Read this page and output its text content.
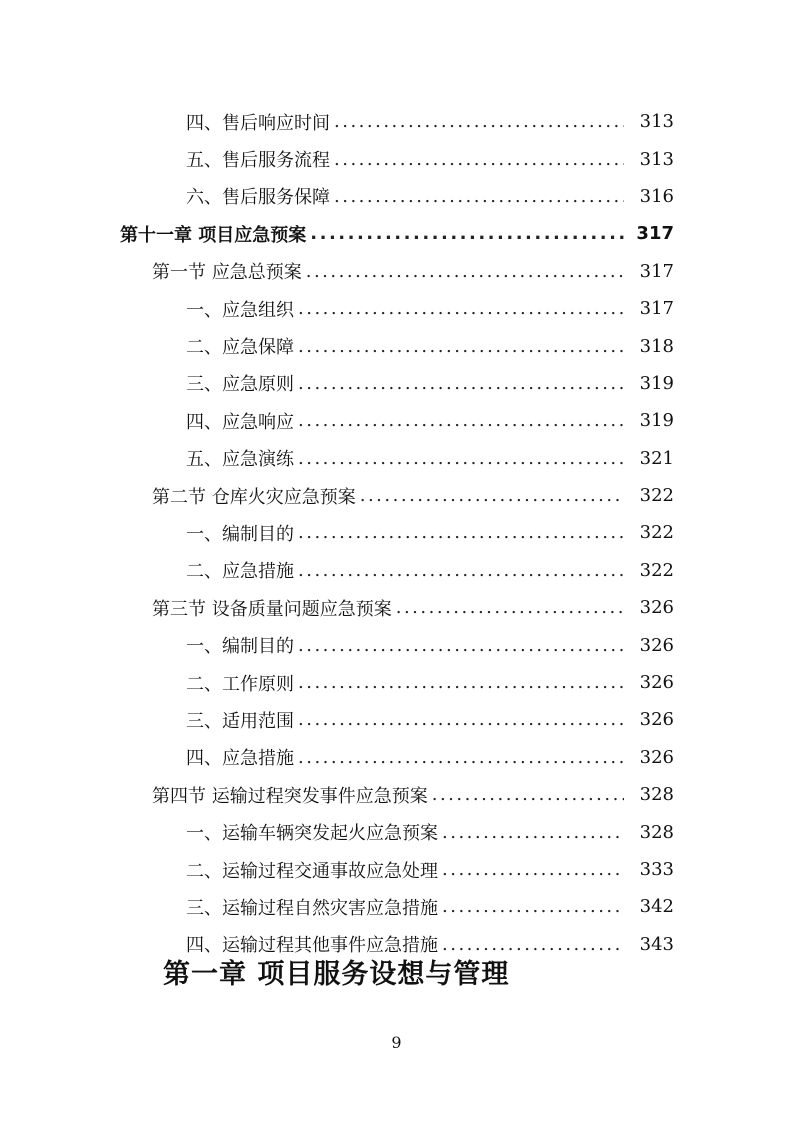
四、售后响应时间 .....	313
五、售后服务流程 .....	313
六、售后服务保障 .....	316
第十一章 项目应急预案 .....	317
第一节 应急总预案 .....	317
一、应急组织 .....	317
二、应急保障 .....	318
三、应急原则 .....	319
四、应急响应 .....	319
五、应急演练 .....	321
第二节 仓库火灾应急预案 .....	322
一、编制目的 .....	322
二、应急措施 .....	322
第三节 设备质量问题应急预案 .....	326
一、编制目的 .....	326
二、工作原则 .....	326
三、适用范围 .....	326
四、应急措施 .....	326
第四节 运输过程突发事件应急预案 .....	328
一、运输车辆突发起火应急预案 .....	328
二、运输过程交通事故应急处理 .....	333
三、运输过程自然灾害应急措施 .....	342
四、运输过程其他事件应急措施 .....	343
第一章 项目服务设想与管理
9
